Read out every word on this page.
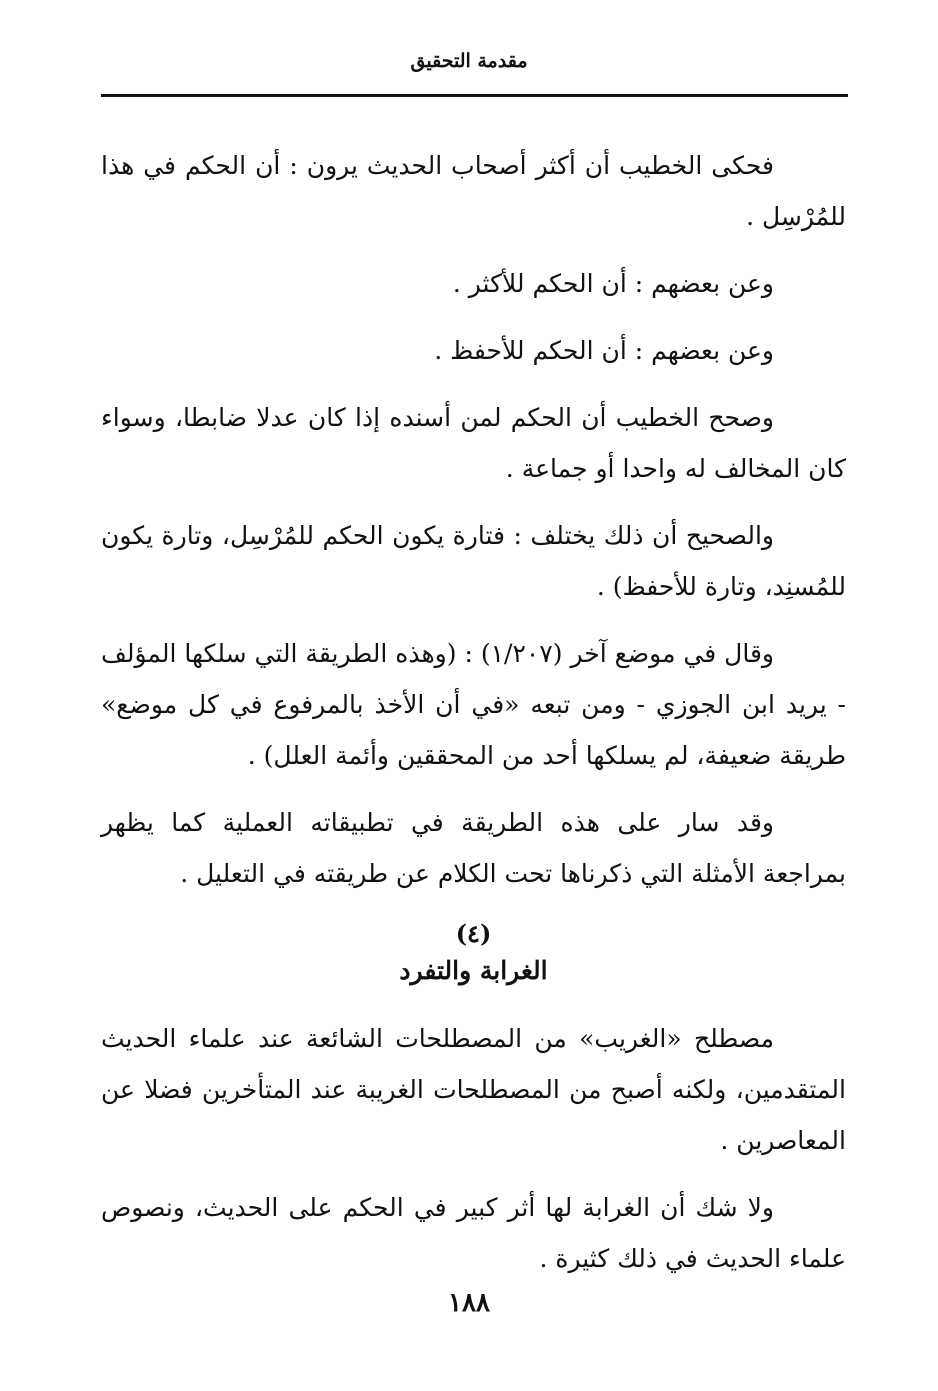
مقدمة التحقيق

فحكى الخطيب أن أكثر أصحاب الحديث يرون : أن الحكم في هذا للمُرْسِل .

وعن بعضهم : أن الحكم للأكثر .

وعن بعضهم : أن الحكم للأحفظ .

وصحح الخطيب أن الحكم لمن أسنده إذا كان عدلا ضابطا، وسواء كان المخالف له واحدا أو جماعة .

والصحيح أن ذلك يختلف : فتارة يكون الحكم للمُرْسِل، وتارة يكون للمُسنِد، وتارة للأحفظ) .

وقال في موضع آخر (١/٢٠٧) : (وهذه الطريقة التي سلكها المؤلف - يريد ابن الجوزي - ومن تبعه «في أن الأخذ بالمرفوع في كل موضع» طريقة ضعيفة، لم يسلكها أحد من المحققين وأئمة العلل) .

وقد سار على هذه الطريقة في تطبيقاته العملية كما يظهر بمراجعة الأمثلة التي ذكرناها تحت الكلام عن طريقته في التعليل .

(٤)
الغرابة والتفرد

مصطلح «الغريب» من المصطلحات الشائعة عند علماء الحديث المتقدمين، ولكنه أصبح من المصطلحات الغريبة عند المتأخرين فضلا عن المعاصرين .

ولا شك أن الغرابة لها أثر كبير في الحكم على الحديث، ونصوص علماء الحديث في ذلك كثيرة .

١٨٨
